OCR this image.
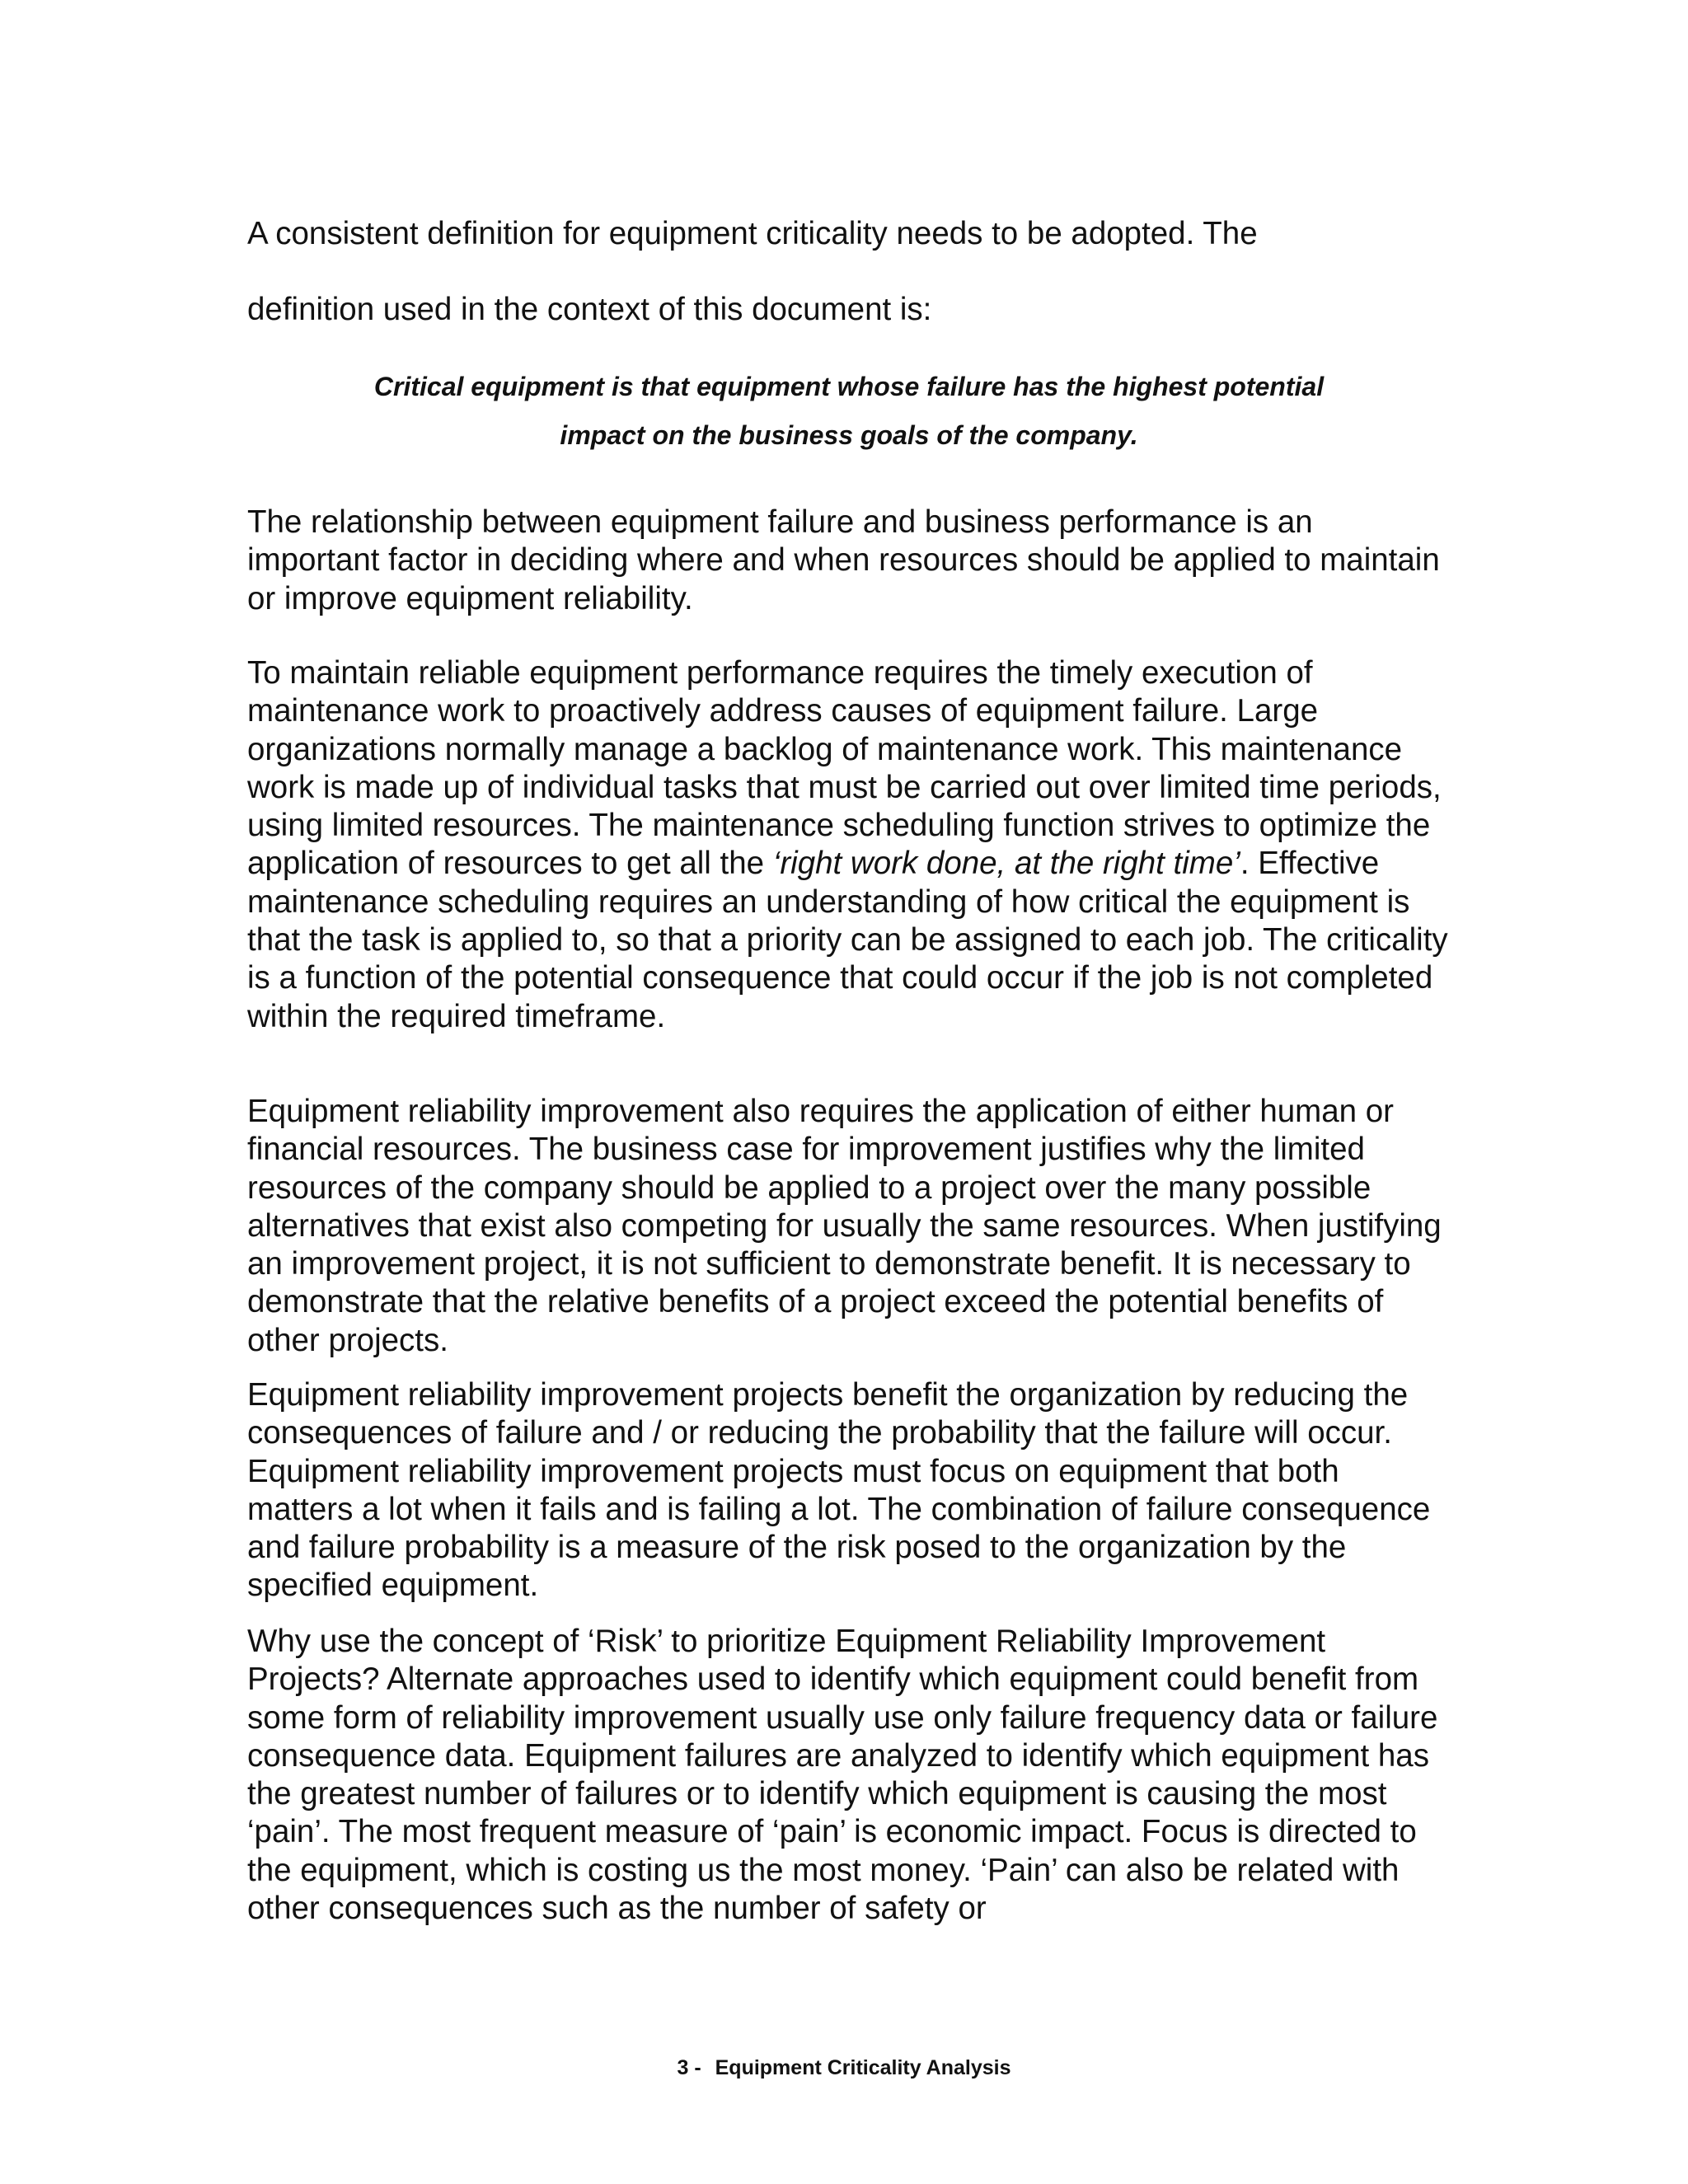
A consistent definition for equipment criticality needs to be adopted. The
definition used in the context of this document is:

Critical equipment is that equipment whose failure has the highest potential
impact on the business goals of the company.

The relationship between equipment failure and business performance is an important factor in deciding where and when resources should be applied to maintain or improve equipment reliability.

To maintain reliable equipment performance requires the timely execution of maintenance work to proactively address causes of equipment failure. Large organizations normally manage a backlog of maintenance work. This maintenance work is made up of individual tasks that must be carried out over limited time periods, using limited resources. The maintenance scheduling function strives to optimize the application of resources to get all the ‘right work done, at the right time’. Effective maintenance scheduling requires an understanding of how critical the equipment is that the task is applied to, so that a priority can be assigned to each job. The criticality is a function of the potential consequence that could occur if the job is not completed within the required timeframe.

Equipment reliability improvement also requires the application of either human or financial resources. The business case for improvement justifies why the limited resources of the company should be applied to a project over the many possible alternatives that exist also competing for usually the same resources. When justifying an improvement project, it is not sufficient to demonstrate benefit. It is necessary to demonstrate that the relative benefits of a project exceed the potential benefits of other projects.

Equipment reliability improvement projects benefit the organization by reducing the consequences of failure and / or reducing the probability that the failure will occur. Equipment reliability improvement projects must focus on equipment that both matters a lot when it fails and is failing a lot. The combination of failure consequence and failure probability is a measure of the risk posed to the organization by the specified equipment.

Why use the concept of ‘Risk’ to prioritize Equipment Reliability Improvement Projects? Alternate approaches used to identify which equipment could benefit from some form of reliability improvement usually use only failure frequency data or failure consequence data. Equipment failures are analyzed to identify which equipment has the greatest number of failures or to identify which equipment is causing the most ‘pain’. The most frequent measure of ‘pain’ is economic impact. Focus is directed to the equipment, which is costing us the most money. ‘Pain’ can also be related with other consequences such as the number of safety or

3 - Equipment Criticality Analysis
